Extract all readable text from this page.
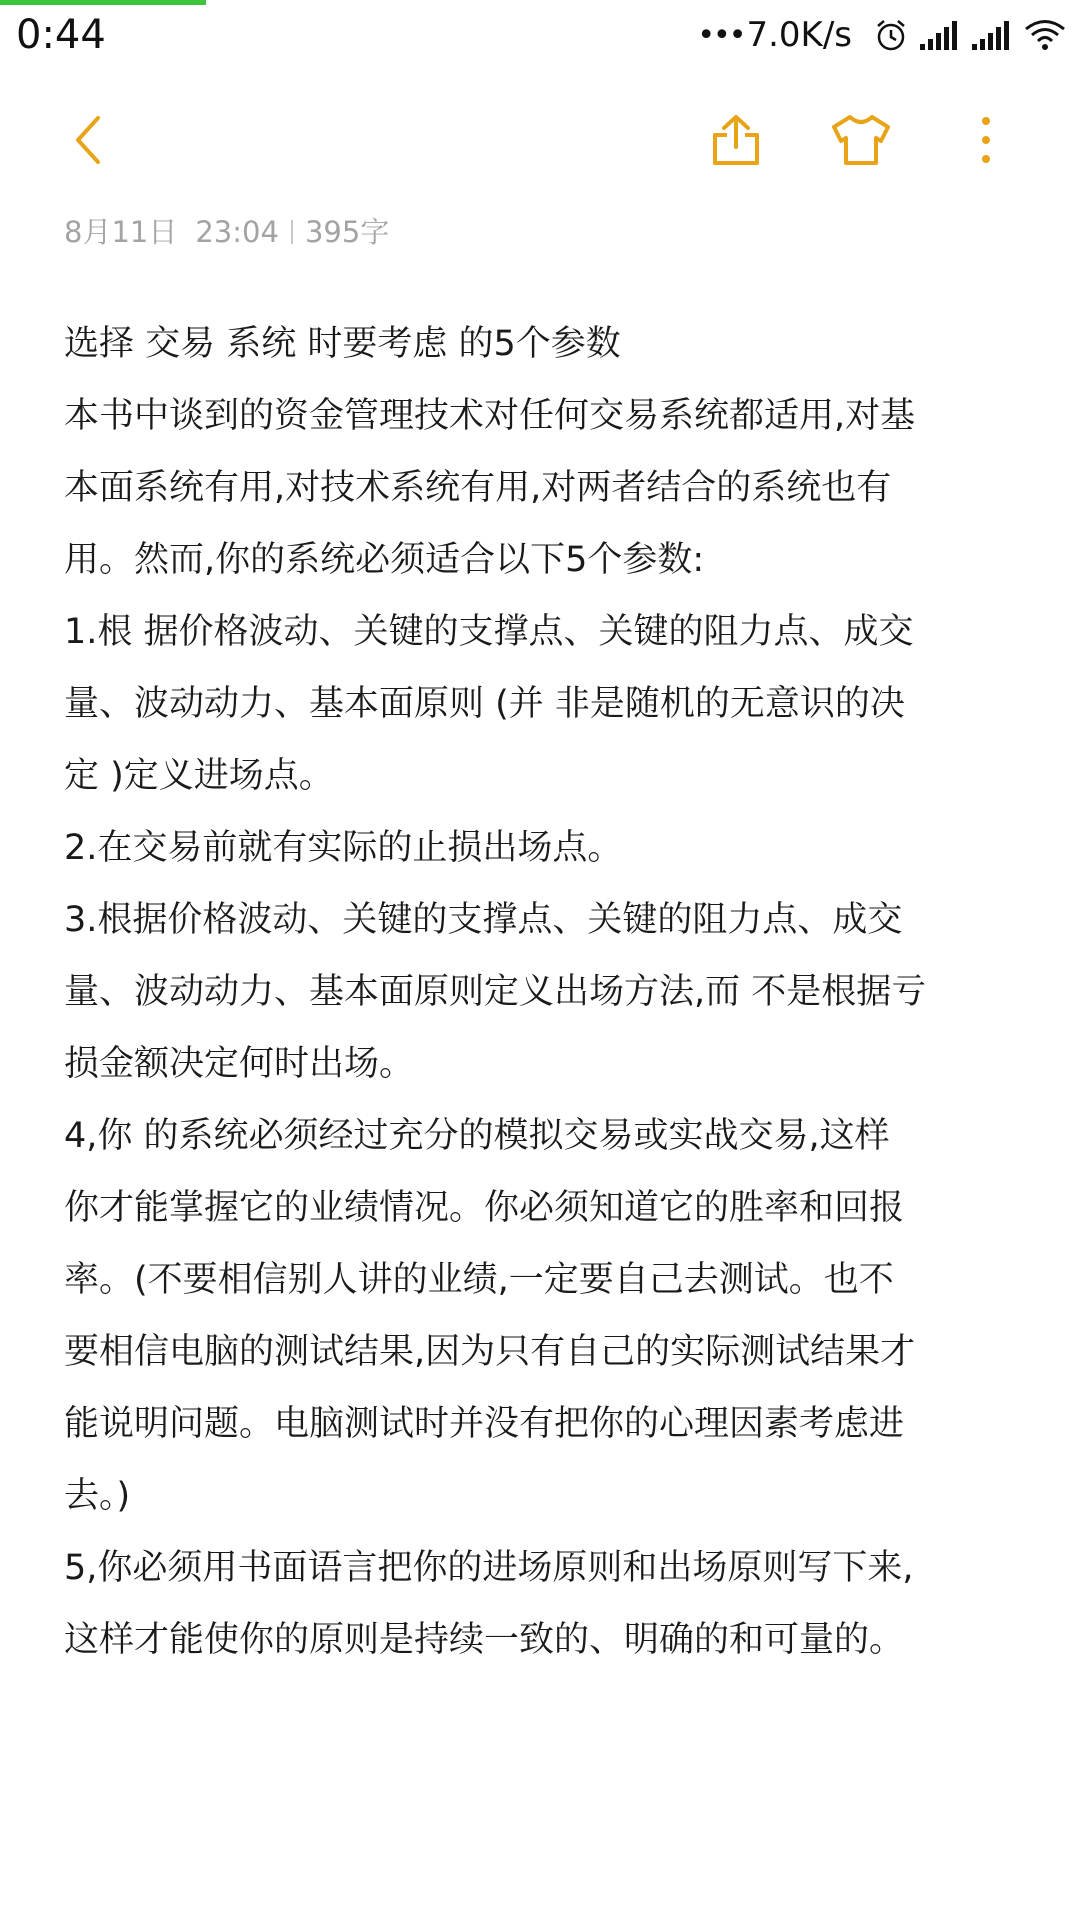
0:44	••• 7.0K/s
8月11日 23:04 395字
选择 交易 系统 时要考虑 的5个参数
本书中谈到的资金管理技术对任何交易系统都适用,对基
本面系统有用,对技术系统有用,对两者结合的系统也有
用。然而,你的系统必须适合以下5个参数:
1.根 据价格波动、关键的支撑点、关键的阻力点、成交
量、波动动力、基本面原则 (并 非是随机的无意识的决
定 )定义进场点。
2.在交易前就有实际的止损出场点。
3.根据价格波动、关键的支撑点、关键的阻力点、成交
量、波动动力、基本面原则定义出场方法,而 不是根据亏
损金额决定何时出场。
4,你 的系统必须经过充分的模拟交易或实战交易,这样
你才能掌握它的业绩情况。你必须知道它的胜率和回报
率。(不要相信别人讲的业绩,一定要自己去测试。也不
要相信电脑的测试结果,因为只有自己的实际测试结果才
能说明问题。电脑测试时并没有把你的心理因素考虑进
去。)
5,你必须用书面语言把你的进场原则和出场原则写下来,
这样才能使你的原则是持续一致的、明确的和可量的。
